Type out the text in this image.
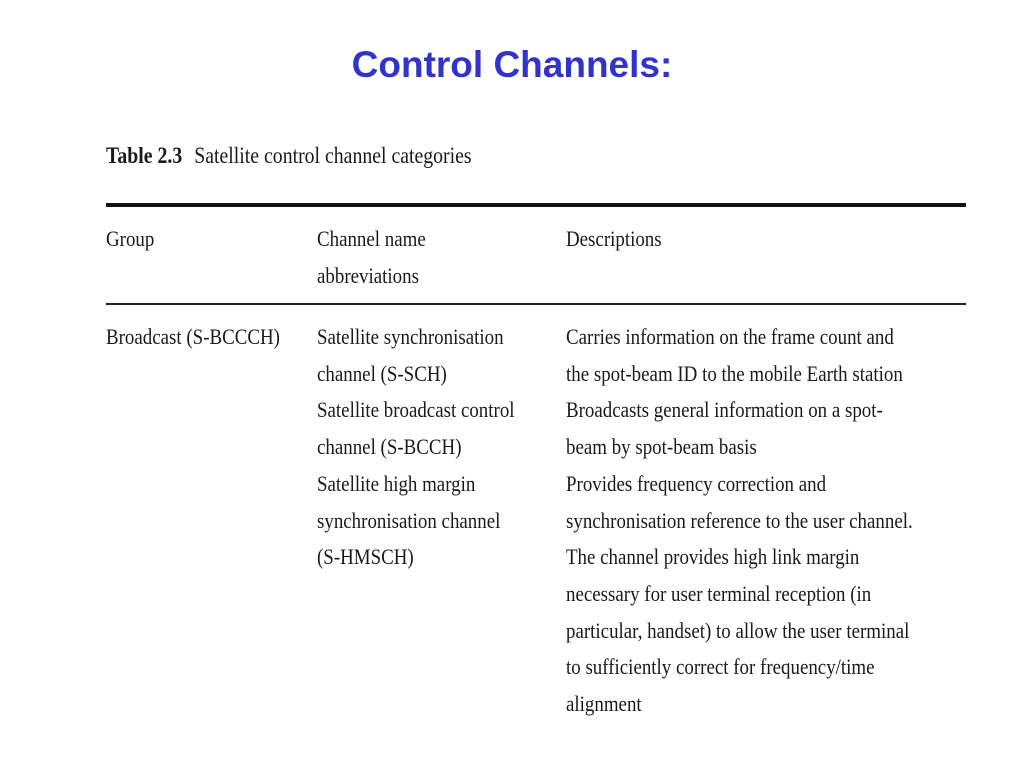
Control Channels:
Table 2.3 Satellite control channel categories
Group	Channel name
abbreviations
Descriptions
Broadcast (S-BCCCH) Satellite synchronisation
channel (S-SCH)
Satellite broadcast control
channel (S-BCCH)
Satellite high margin
synchronisation channel
(S-HMSCH)
Carries information on the frame count and
the spot-beam ID to the mobile Earth station
Broadcasts general information on a spot-
beam by spot-beam basis
Provides frequency correction and
synchronisation reference to the user channel.
The channel provides high link margin
necessary for user terminal reception (in
particular, handset) to allow the user terminal
to sufficiently correct for frequency/time
alignment
